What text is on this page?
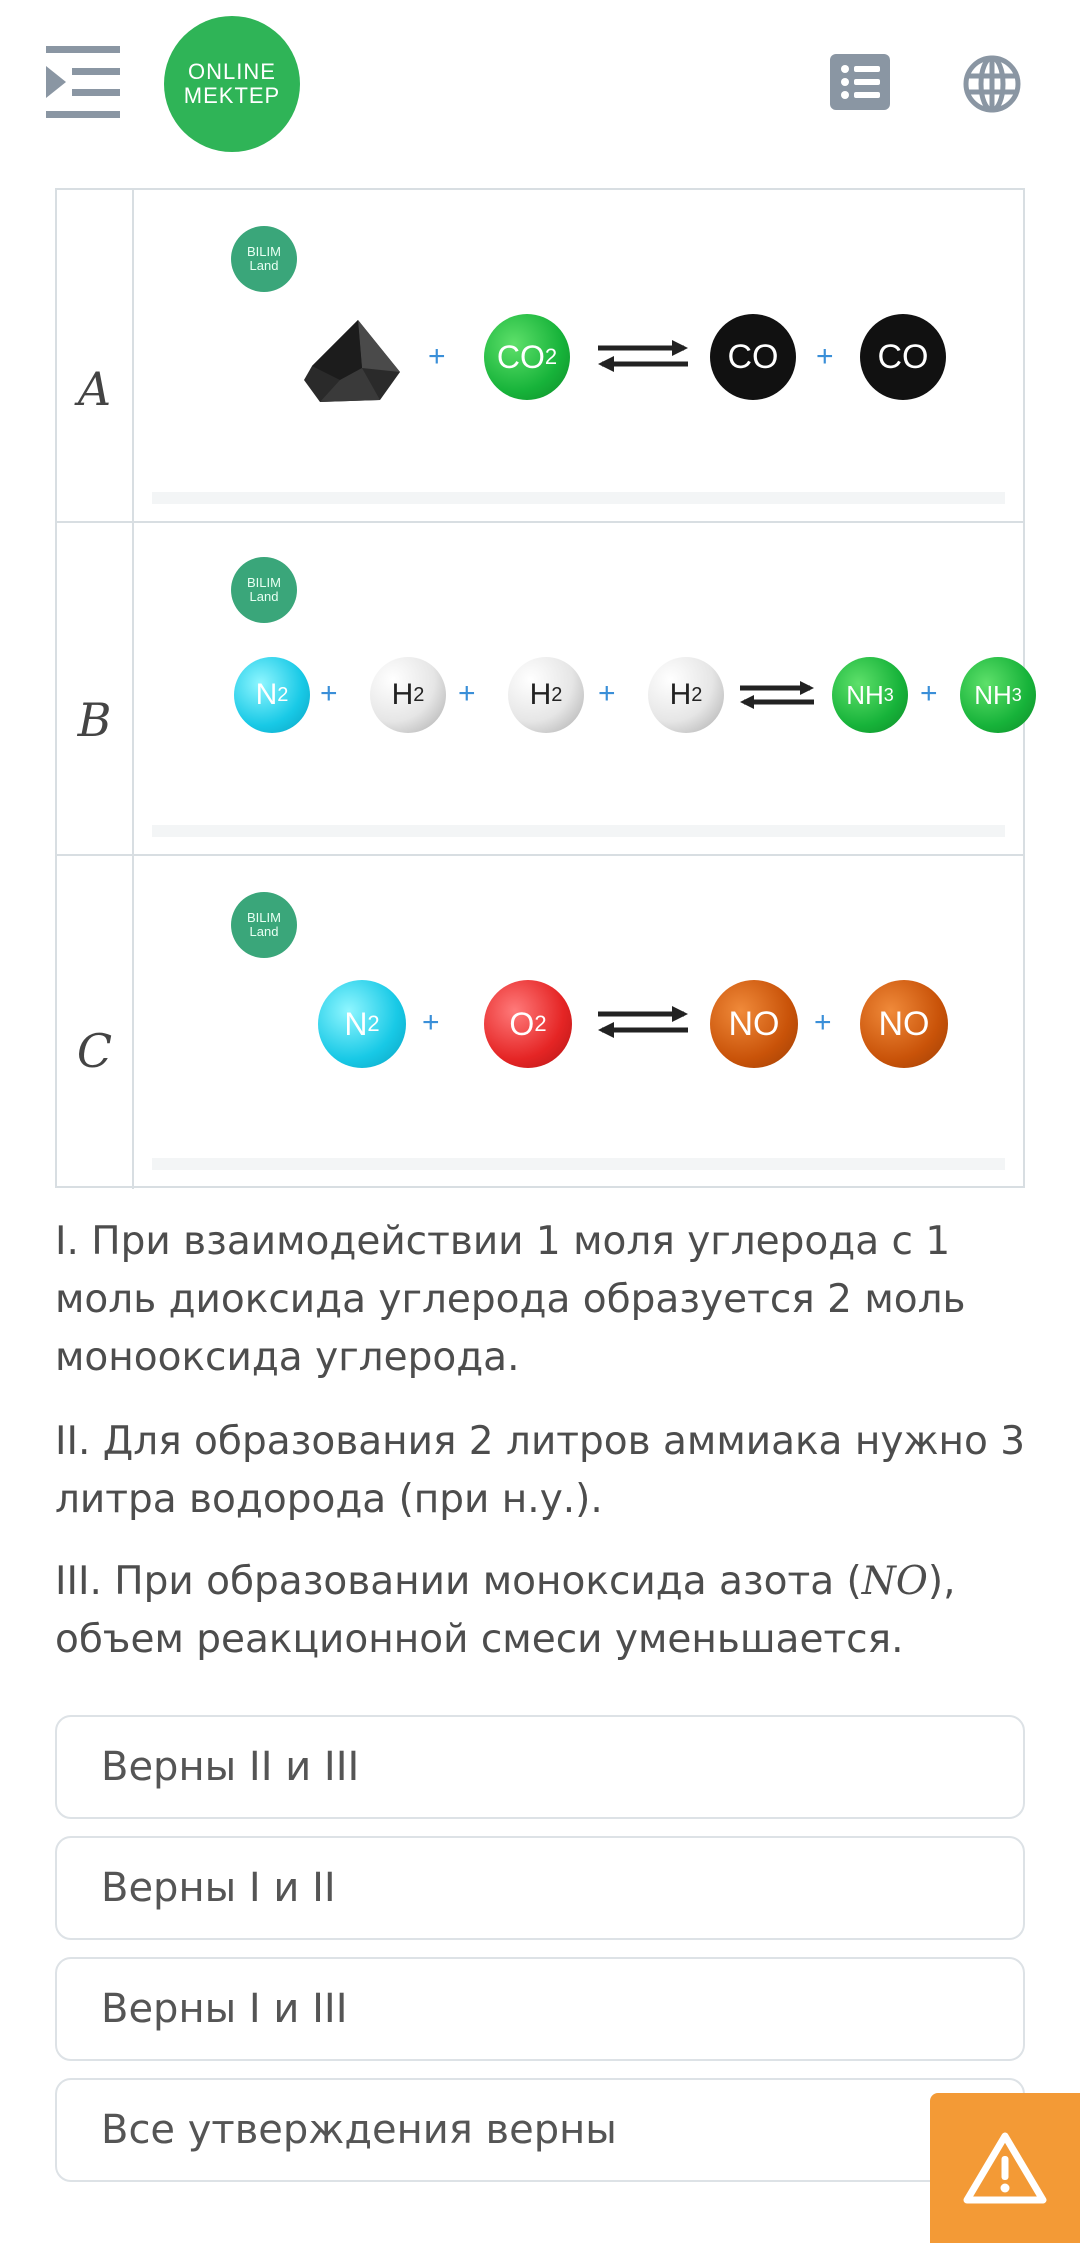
ONLINE
MEKTEP
A
BILIM
Land
+ CO 2	CO + CO
B
BILIM
Land
N 2 + H 2 + H 2 + H 2	NH 3 + NH 3
C
BILIM
Land
N 2 + O 2	NO + NO
I. При взаимодействии 1 моля углерода с 1 моль диоксида углерода образуется 2 моль монооксида углерода.
II. Для образования 2 литров аммиака нужно 3 литра водорода (при н.у.).
III. При образовании моноксида азота (NO), объем реакционной смеси уменьшается.
Верны II и III
Верны I и II
Верны I и III
Все утверждения верны
